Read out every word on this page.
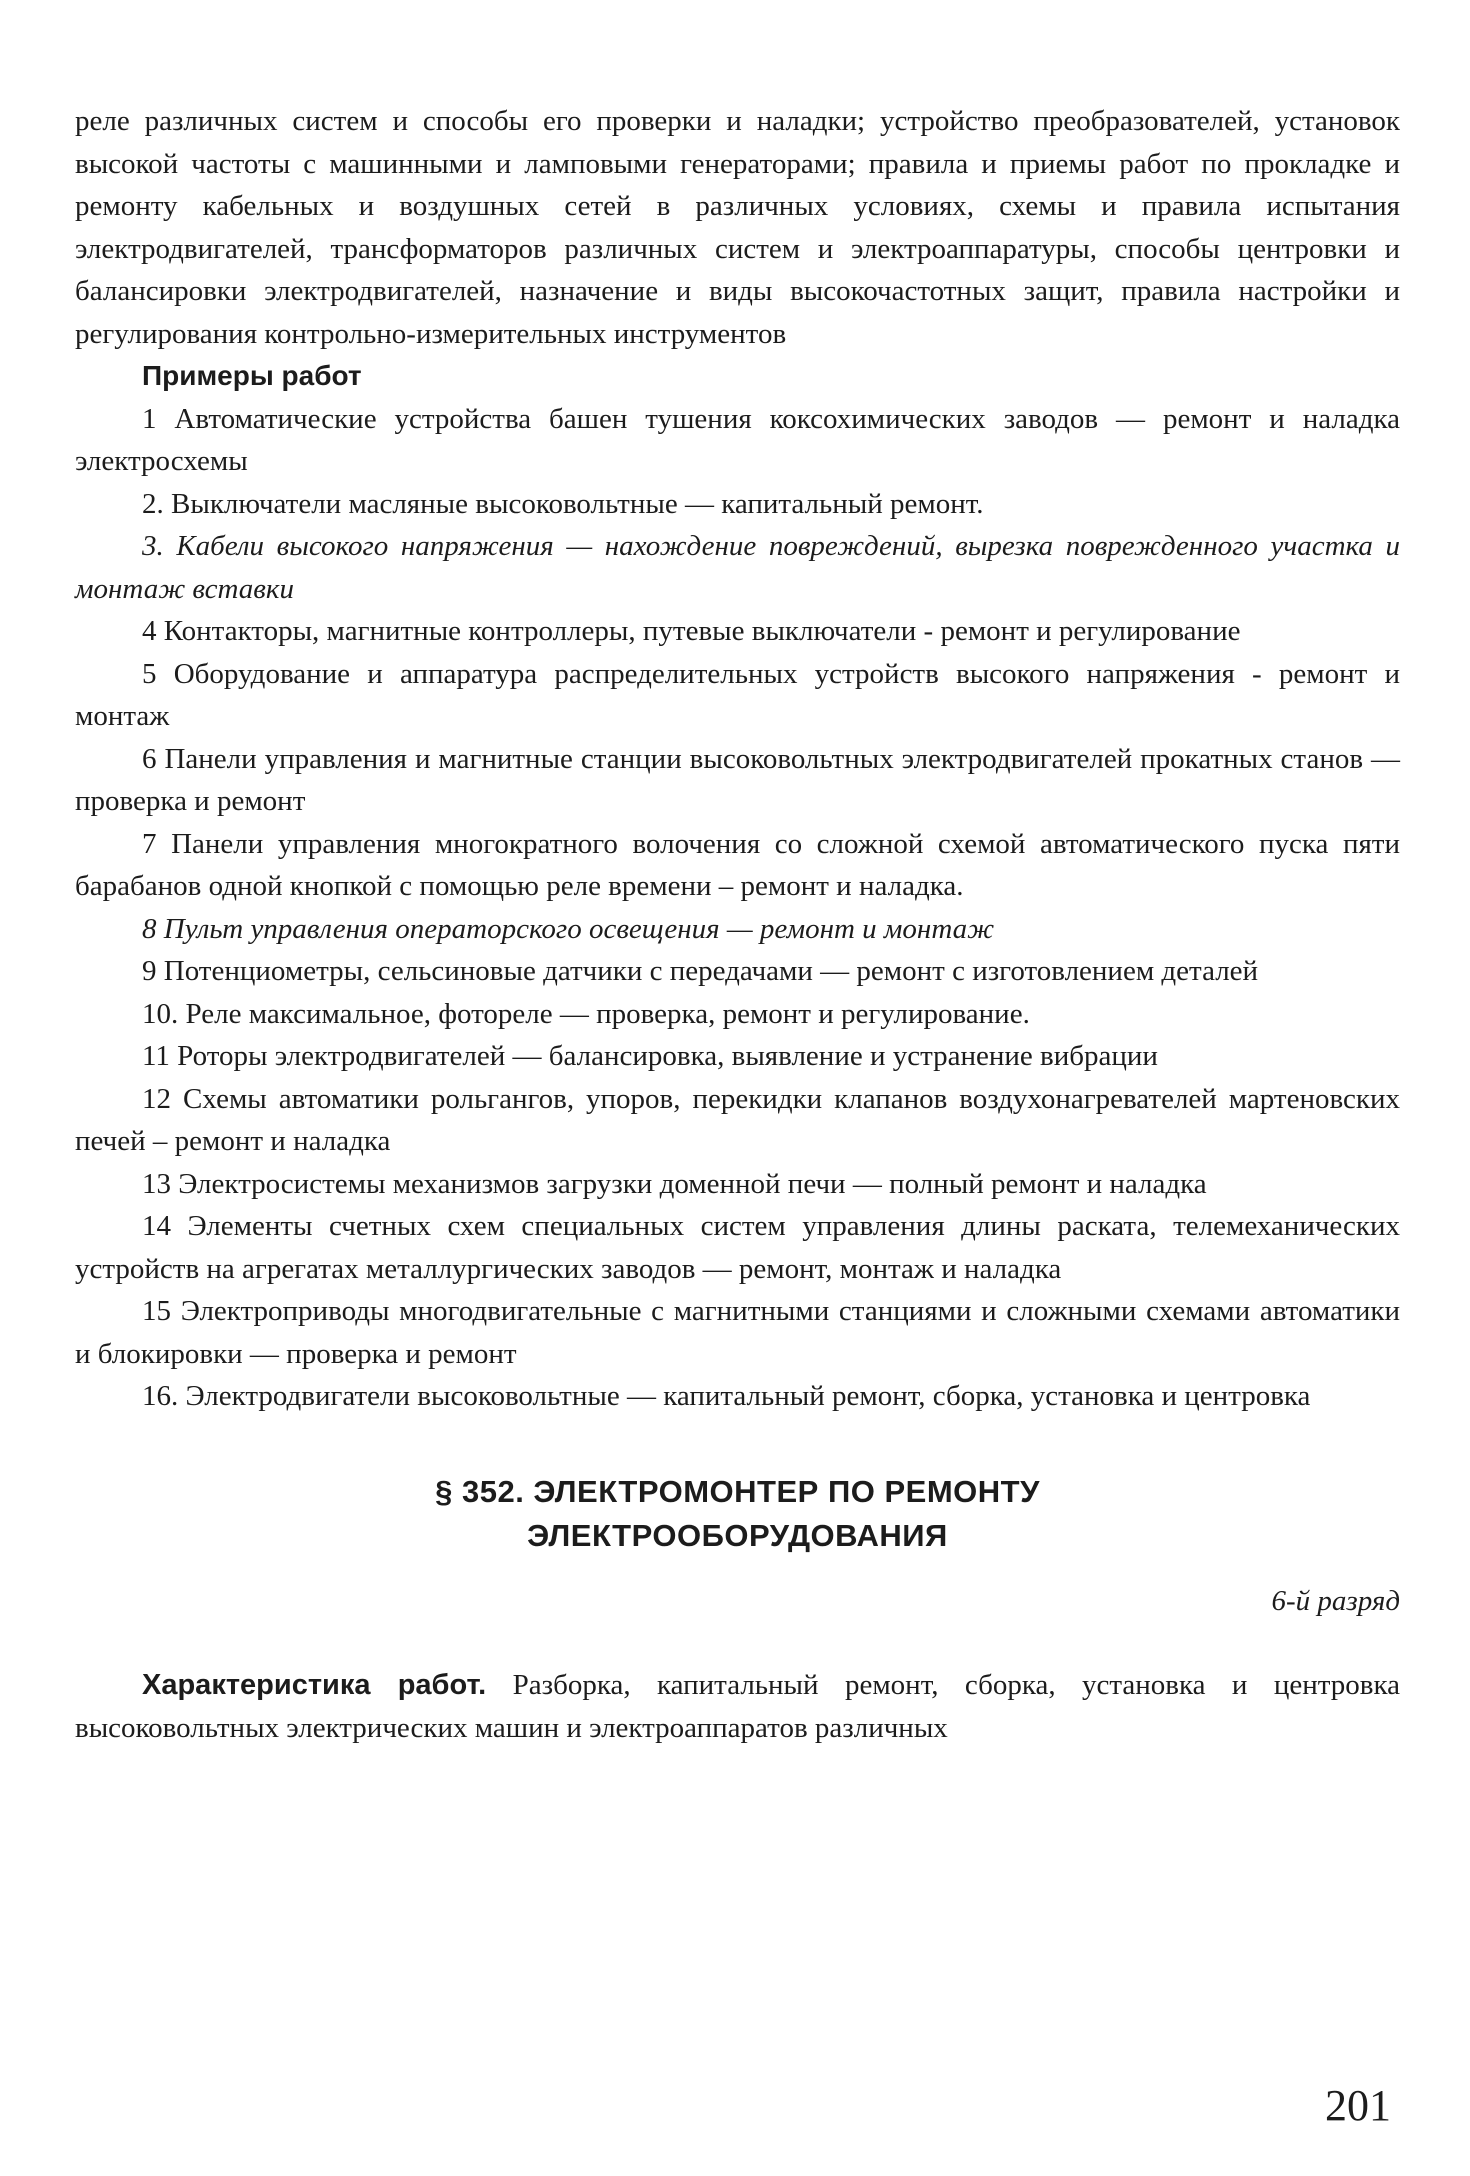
реле различных систем и способы его проверки и наладки; устройство преобразователей, установок высокой частоты с машинными и ламповыми генераторами; правила и приемы работ по прокладке и ремонту кабельных и воздушных сетей в различных условиях, схемы и правила испытания электродвигателей, трансформаторов различных систем и электроаппаратуры, способы центровки и балансировки электродвигателей, назначение и виды высокочастотных защит, правила настройки и регулирования контрольно-измерительных инструментов

Примеры работ

1 Автоматические устройства башен тушения коксохимических заводов — ремонт и наладка электросхемы

2. Выключатели масляные высоковольтные — капитальный ремонт.

3. Кабели высокого напряжения — нахождение повреждений, вырезка поврежденного участка и монтаж вставки

4 Контакторы, магнитные контроллеры, путевые выключатели - ремонт и регулирование

5 Оборудование и аппаратура распределительных устройств высокого напряжения - ремонт и монтаж

6 Панели управления и магнитные станции высоковольтных электродвигателей прокатных станов — проверка и ремонт

7 Панели управления многократного волочения со сложной схемой автоматического пуска пяти барабанов одной кнопкой с помощью реле времени – ремонт и наладка.

8 Пульт управления операторского освещения — ремонт и монтаж

9 Потенциометры, сельсиновые датчики с передачами — ремонт с изготовлением деталей

10. Реле максимальное, фотореле — проверка, ремонт и регулирование.

11 Роторы электродвигателей — балансировка, выявление и устранение вибрации

12 Схемы автоматики рольгангов, упоров, перекидки клапанов воздухонагревателей мартеновских печей – ремонт и наладка

13 Электросистемы механизмов загрузки доменной печи — полный ремонт и наладка

14 Элементы счетных схем специальных систем управления длины раската, телемеханических устройств на агрегатах металлургических заводов — ремонт, монтаж и наладка

15 Электроприводы многодвигательные с магнитными станциями и сложными схемами автоматики и блокировки — проверка и ремонт

16. Электродвигатели высоковольтные — капитальный ремонт, сборка, установка и центровка

§ 352. ЭЛЕКТРОМОНТЕР ПО РЕМОНТУ
ЭЛЕКТРООБОРУДОВАНИЯ

6-й разряд

Характеристика работ. Разборка, капитальный ремонт, сборка, установка и центровка высоковольтных электрических машин и электроаппаратов различных

201
